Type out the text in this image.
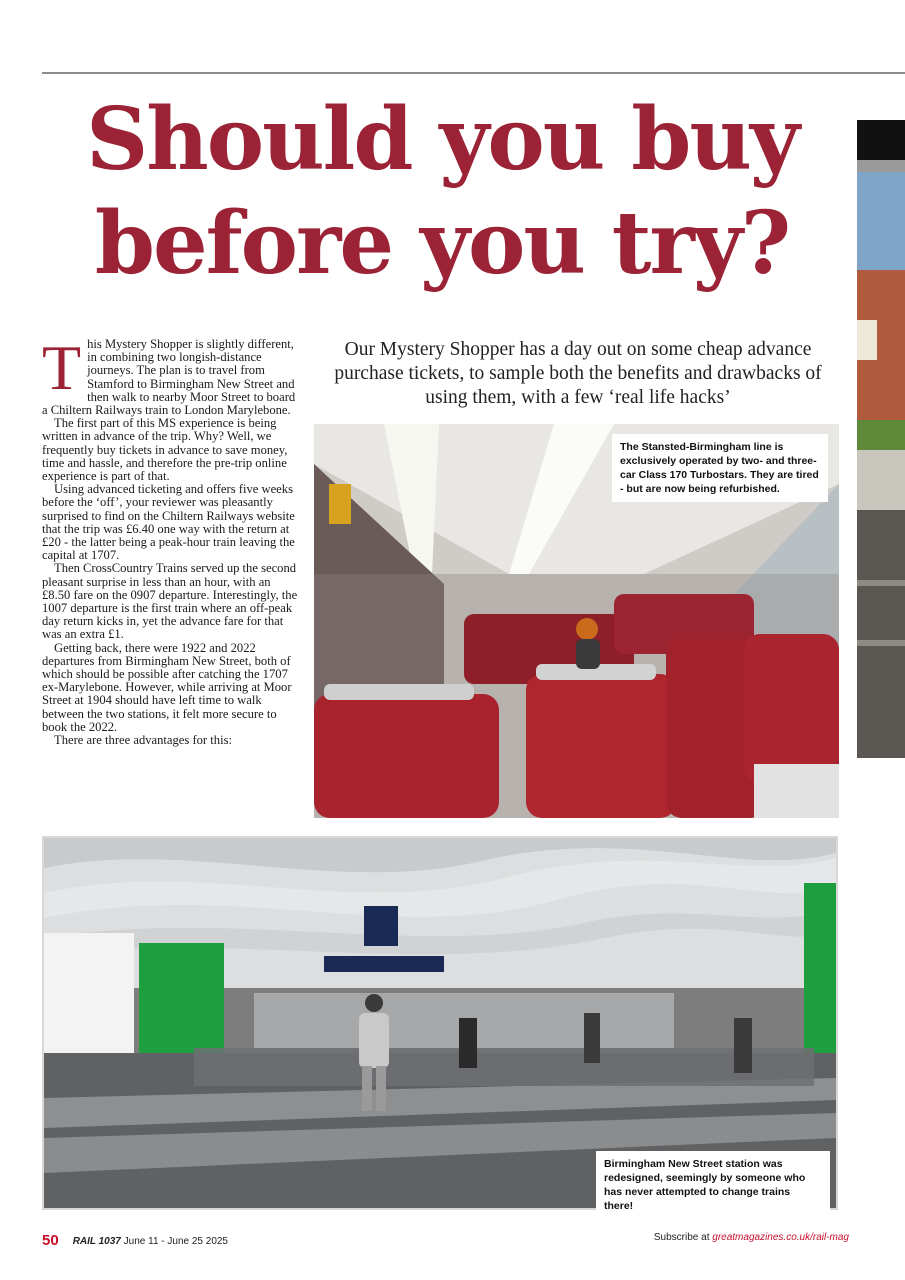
Should you buy before you try?

This Mystery Shopper is slightly different, in combining two longish-distance journeys. The plan is to travel from Stamford to Birmingham New Street and then walk to nearby Moor Street to board a Chiltern Railways train to London Marylebone.

The first part of this MS experience is being written in advance of the trip. Why? Well, we frequently buy tickets in advance to save money, time and hassle, and therefore the pre-trip online experience is part of that.

Using advanced ticketing and offers five weeks before the ‘off’, your reviewer was pleasantly surprised to find on the Chiltern Railways website that the trip was £6.40 one way with the return at £20 - the latter being a peak-hour train leaving the capital at 1707.

Then CrossCountry Trains served up the second pleasant surprise in less than an hour, with an £8.50 fare on the 0907 departure. Interestingly, the 1007 departure is the first train where an off-peak day return kicks in, yet the advance fare for that was an extra £1.

Getting back, there were 1922 and 2022 departures from Birmingham New Street, both of which should be possible after catching the 1707 ex-Marylebone. However, while arriving at Moor Street at 1904 should have left time to walk between the two stations, it felt more secure to book the 2022.

There are three advantages for this:

Our Mystery Shopper has a day out on some cheap advance purchase tickets, to sample both the benefits and drawbacks of using them, with a few ‘real life hacks’

The Stansted-Birmingham line is exclusively operated by two- and three-car Class 170 Turbostars. They are tired - but are now being refurbished.

Birmingham New Street station was redesigned, seemingly by someone who has never attempted to change trains there!

50 RAIL 1037 June 11 - June 25 2025	Subscribe at greatmagazines.co.uk/rail-mag
